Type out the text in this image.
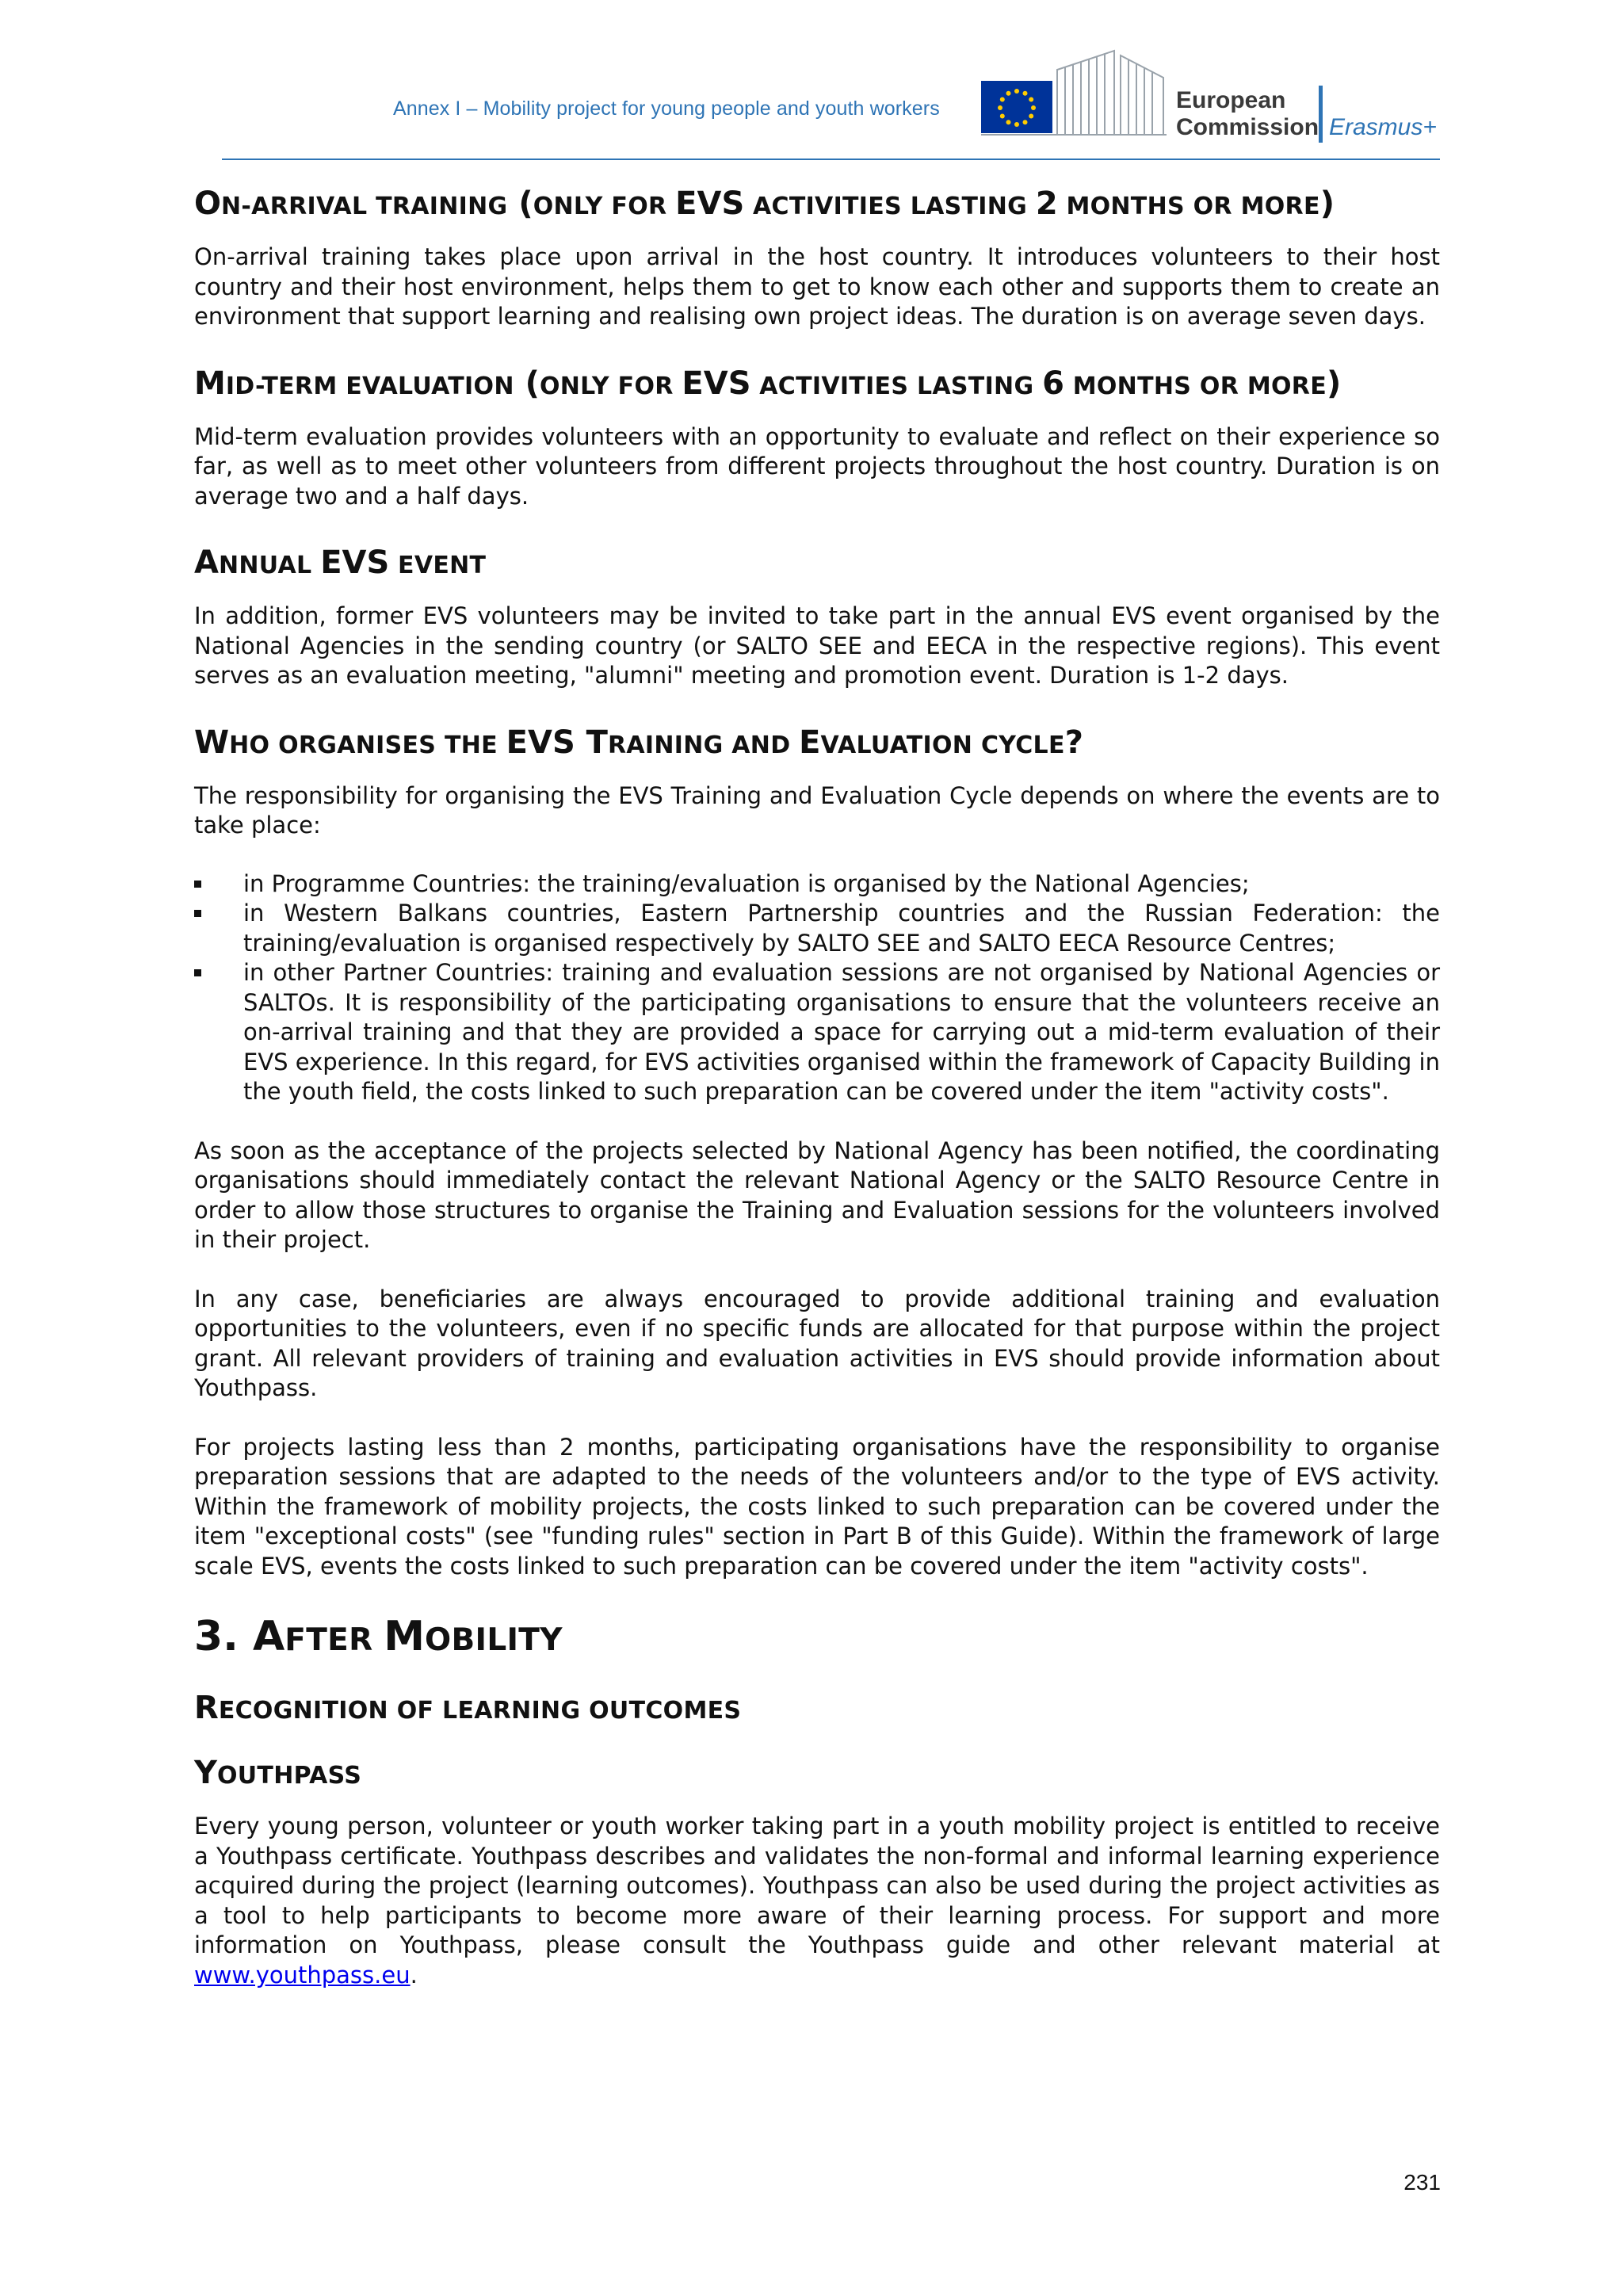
Annex I – Mobility project for young people and youth workers	European
Commission Erasmus+
ON-ARRIVAL TRAINING (ONLY FOR EVS ACTIVITIES LASTING 2 MONTHS OR MORE)

On-arrival training takes place upon arrival in the host country. It introduces volunteers to their host country and their host environment, helps them to get to know each other and supports them to create an environment that support learning and realising own project ideas. The duration is on average seven days.

MID-TERM EVALUATION (ONLY FOR EVS ACTIVITIES LASTING 6 MONTHS OR MORE)

Mid-term evaluation provides volunteers with an opportunity to evaluate and reflect on their experience so far, as well as to meet other volunteers from different projects throughout the host country. Duration is on average two and a half days.

ANNUAL EVS EVENT

In addition, former EVS volunteers may be invited to take part in the annual EVS event organised by the National Agencies in the sending country (or SALTO SEE and EECA in the respective regions). This event serves as an evaluation meeting, "alumni" meeting and promotion event. Duration is 1-2 days.

WHO ORGANISES THE EVS TRAINING AND EVALUATION CYCLE?

The responsibility for organising the EVS Training and Evaluation Cycle depends on where the events are to take place:

in Programme Countries: the training/evaluation is organised by the National Agencies;
in Western Balkans countries, Eastern Partnership countries and the Russian Federation: the training/evaluation is organised respectively by SALTO SEE and SALTO EECA Resource Centres;
in other Partner Countries: training and evaluation sessions are not organised by National Agencies or SALTOs. It is responsibility of the participating organisations to ensure that the volunteers receive an on-arrival training and that they are provided a space for carrying out a mid-term evaluation of their EVS experience. In this regard, for EVS activities organised within the framework of Capacity Building in the youth field, the costs linked to such preparation can be covered under the item "activity costs".

As soon as the acceptance of the projects selected by National Agency has been notified, the coordinating organisations should immediately contact the relevant National Agency or the SALTO Resource Centre in order to allow those structures to organise the Training and Evaluation sessions for the volunteers involved in their project.

In any case, beneficiaries are always encouraged to provide additional training and evaluation opportunities to the volunteers, even if no specific funds are allocated for that purpose within the project grant. All relevant providers of training and evaluation activities in EVS should provide information about Youthpass.

For projects lasting less than 2 months, participating organisations have the responsibility to organise preparation sessions that are adapted to the needs of the volunteers and/or to the type of EVS activity. Within the framework of mobility projects, the costs linked to such preparation can be covered under the item "exceptional costs" (see "funding rules" section in Part B of this Guide). Within the framework of large scale EVS, events the costs linked to such preparation can be covered under the item "activity costs".

3. AFTER MOBILITY
RECOGNITION OF LEARNING OUTCOMES
YOUTHPASS

Every young person, volunteer or youth worker taking part in a youth mobility project is entitled to receive a Youthpass certificate. Youthpass describes and validates the non-formal and informal learning experience acquired during the project (learning outcomes). Youthpass can also be used during the project activities as a tool to help participants to become more aware of their learning process. For support and more information on Youthpass, please consult the Youthpass guide and other relevant material at www.youthpass.eu.

231
